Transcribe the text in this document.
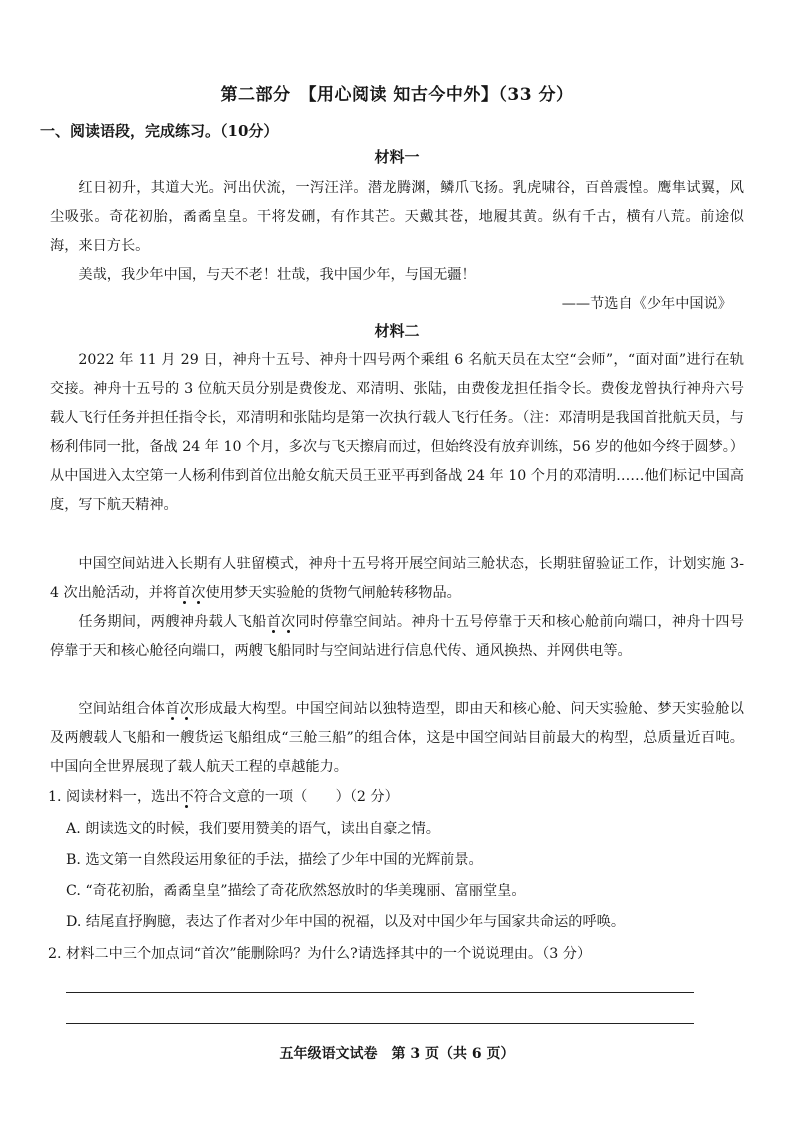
第二部分　【用心阅读 知古今中外】（33 分）
一、阅读语段，完成练习。（10分）
材料一

红日初升，其道大光。河出伏流，一泻汪洋。潜龙腾渊，鳞爪飞扬。乳虎啸谷，百兽震惶。鹰隼试翼，风尘吸张。奇花初胎，矞矞皇皇。干将发硎，有作其芒。天戴其苍，地履其黄。纵有千古，横有八荒。前途似海，来日方长。

美哉，我少年中国，与天不老！壮哉，我中国少年，与国无疆！

——节选自《少年中国说》
材料二

2022 年 11 月 29 日，神舟十五号、神舟十四号两个乘组 6 名航天员在太空“会师”，“面对面”进行在轨交接。神舟十五号的 3 位航天员分别是费俊龙、邓清明、张陆，由费俊龙担任指令长。费俊龙曾执行神舟六号载人飞行任务并担任指令长，邓清明和张陆均是第一次执行载人飞行任务。（注：邓清明是我国首批航天员，与杨利伟同一批，备战 24 年 10 个月，多次与飞天擦肩而过，但始终没有放弃训练，56 岁的他如今终于圆梦。）从中国进入太空第一人杨利伟到首位出舱女航天员王亚平再到备战 24 年 10 个月的邓清明……他们标记中国高度，写下航天精神。

中国空间站进入长期有人驻留模式，神舟十五号将开展空间站三舱状态，长期驻留验证工作，计划实施 3-4 次出舱活动，并将首次使用梦天实验舱的货物气闸舱转移物品。

任务期间，两艘神舟载人飞船首次同时停靠空间站。神舟十五号停靠于天和核心舱前向端口，神舟十四号停靠于天和核心舱径向端口，两艘飞船同时与空间站进行信息代传、通风换热、并网供电等。

空间站组合体首次形成最大构型。中国空间站以独特造型，即由天和核心舱、问天实验舱、梦天实验舱以及两艘载人飞船和一艘货运飞船组成“三舱三船”的组合体，这是中国空间站目前最大的构型，总质量近百吨。中国向全世界展现了载人航天工程的卓越能力。

1. 阅读材料一，选出不符合文意的一项（　　）（2 分）

A. 朗读选文的时候，我们要用赞美的语气，读出自豪之情。

B. 选文第一自然段运用象征的手法，描绘了少年中国的光辉前景。

C. “奇花初胎，矞矞皇皇”描绘了奇花欣然怒放时的华美瑰丽、富丽堂皇。

D. 结尾直抒胸臆，表达了作者对少年中国的祝福，以及对中国少年与国家共命运的呼唤。

2. 材料二中三个加点词“首次”能删除吗？为什么?请选择其中的一个说说理由。（3 分）

五年级语文试卷　第 3 页（共 6 页）
